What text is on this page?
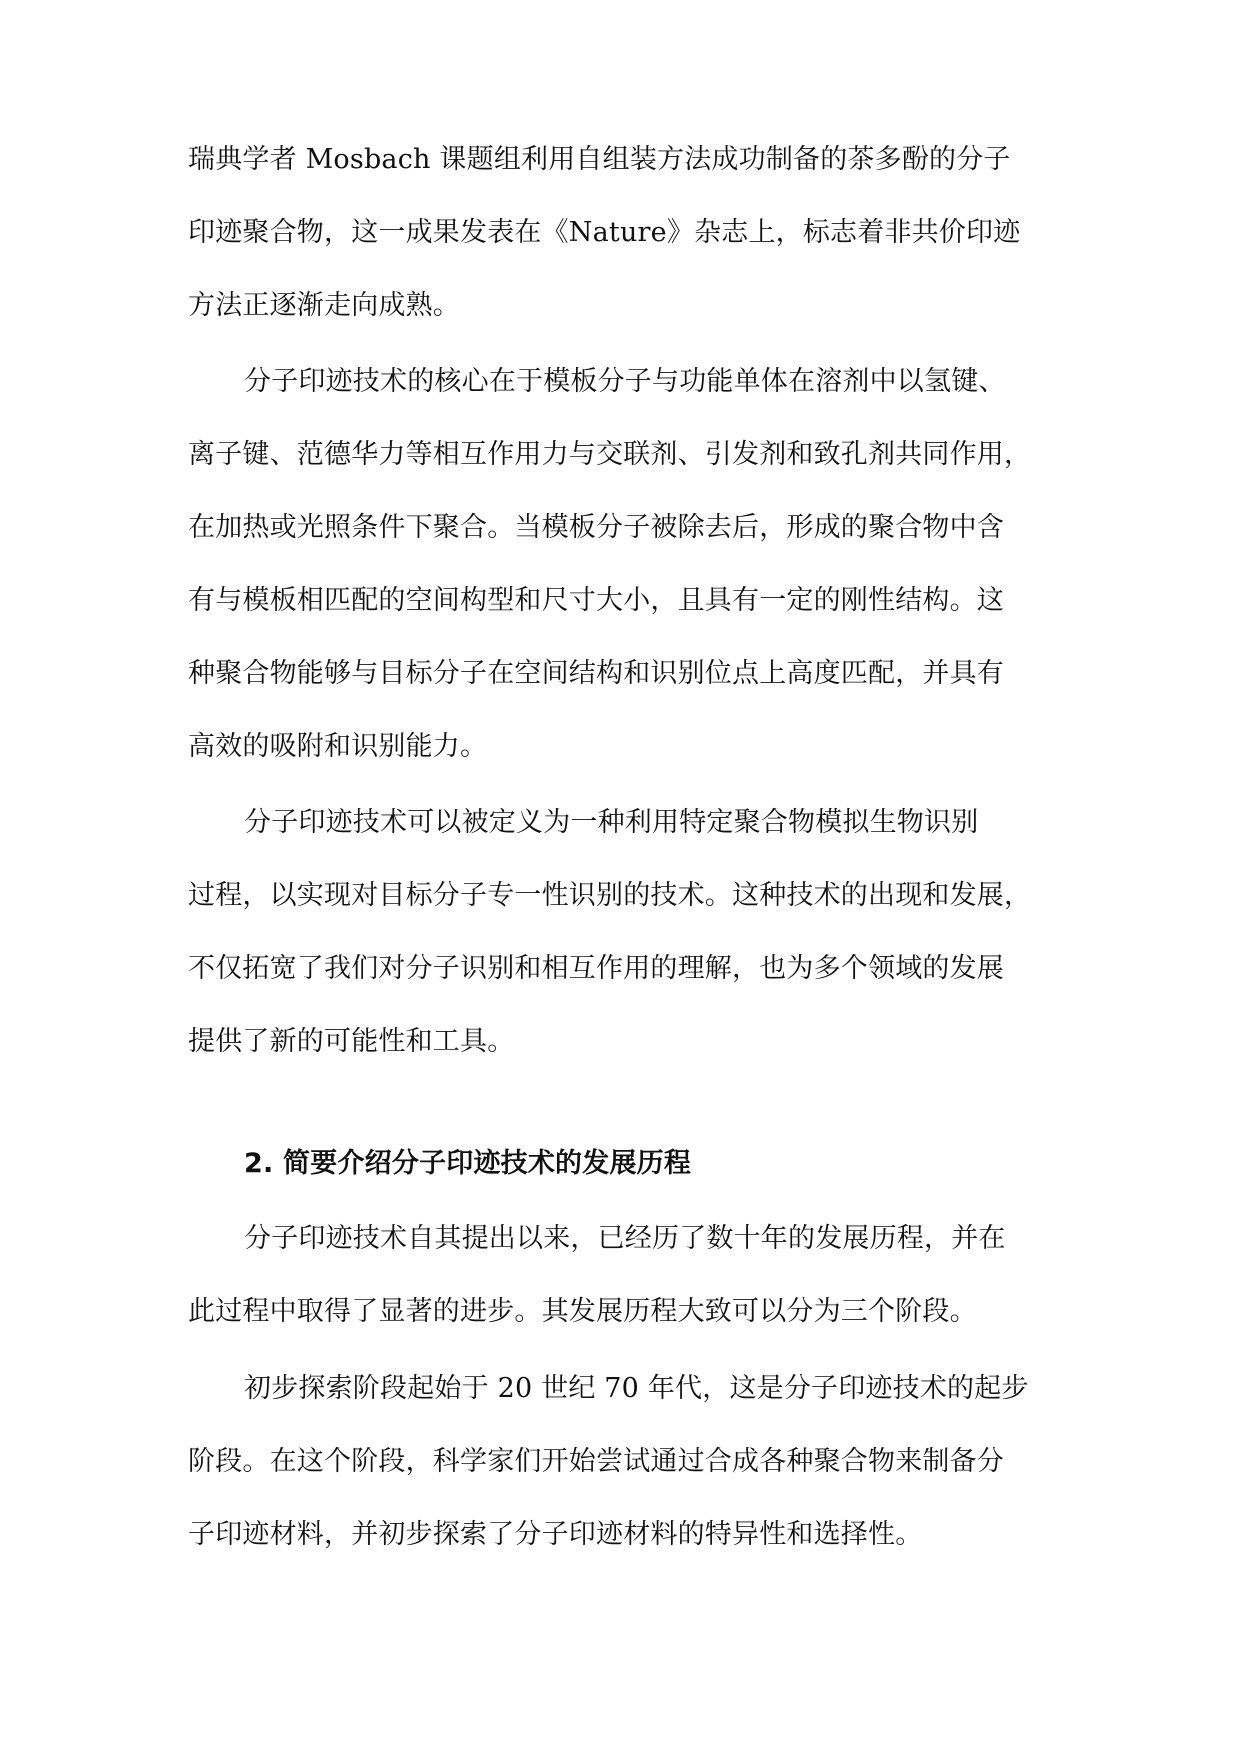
瑞典学者 Mosbach 课题组利用自组装方法成功制备的茶多酚的分子

印迹聚合物，这一成果发表在《Nature》杂志上，标志着非共价印迹

方法正逐渐走向成熟。

分子印迹技术的核心在于模板分子与功能单体在溶剂中以氢键、

离子键、范德华力等相互作用力与交联剂、引发剂和致孔剂共同作用，

在加热或光照条件下聚合。当模板分子被除去后，形成的聚合物中含

有与模板相匹配的空间构型和尺寸大小，且具有一定的刚性结构。这

种聚合物能够与目标分子在空间结构和识别位点上高度匹配，并具有

高效的吸附和识别能力。

分子印迹技术可以被定义为一种利用特定聚合物模拟生物识别

过程，以实现对目标分子专一性识别的技术。这种技术的出现和发展，

不仅拓宽了我们对分子识别和相互作用的理解，也为多个领域的发展

提供了新的可能性和工具。

2. 简要介绍分子印迹技术的发展历程

分子印迹技术自其提出以来，已经历了数十年的发展历程，并在

此过程中取得了显著的进步。其发展历程大致可以分为三个阶段。

初步探索阶段起始于 20 世纪 70 年代，这是分子印迹技术的起步

阶段。在这个阶段，科学家们开始尝试通过合成各种聚合物来制备分

子印迹材料，并初步探索了分子印迹材料的特异性和选择性。
